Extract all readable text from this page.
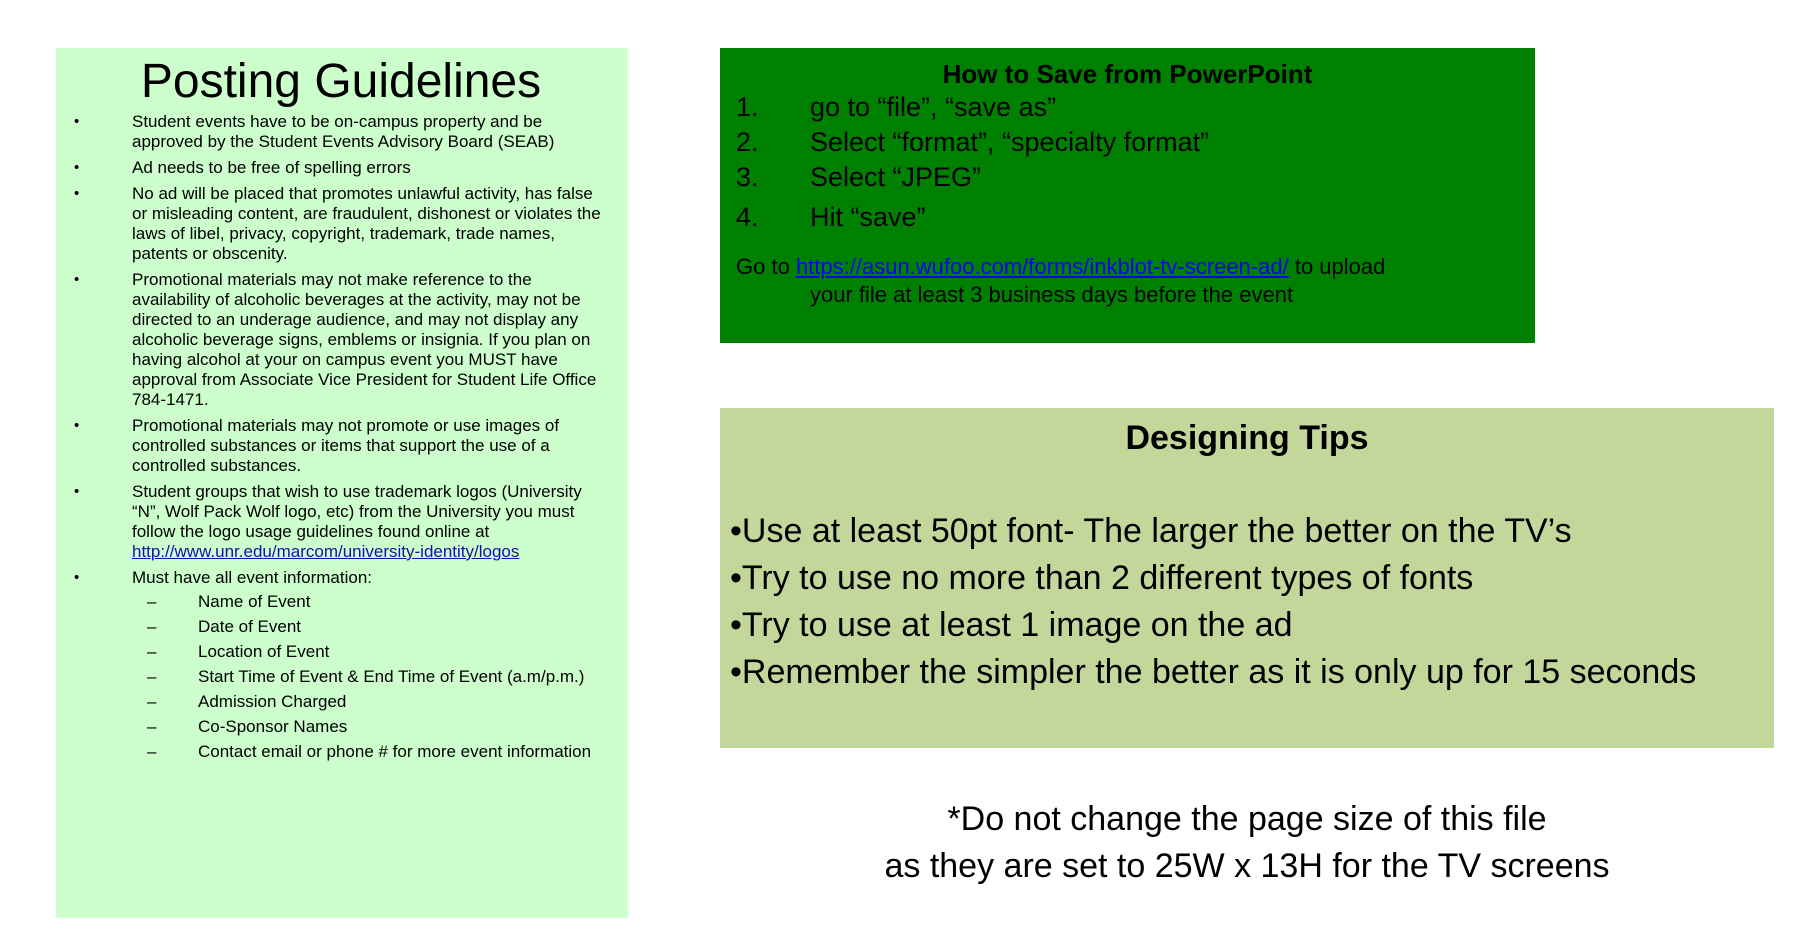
Posting Guidelines
•	Student events have to be on-campus property and be approved by the Student Events Advisory Board (SEAB)
•	Ad needs to be free of spelling errors
•	No ad will be placed that promotes unlawful activity, has false or misleading content, are fraudulent, dishonest or violates the laws of libel, privacy, copyright, trademark, trade names, patents or obscenity.
•	Promotional materials may not make reference to the availability of alcoholic beverages at the activity, may not be directed to an underage audience, and may not display any alcoholic beverage signs, emblems or insignia. If you plan on having alcohol at your on campus event you MUST have approval from Associate Vice President for Student Life Office 784-1471.
•	Promotional materials may not promote or use images of controlled substances or items that support the use of a controlled substances.
•	Student groups that wish to use trademark logos (University “N”, Wolf Pack Wolf logo, etc) from the University you must follow the logo usage guidelines found online at
http://www.unr.edu/marcom/university-identity/logos
•	Must have all event information:
– Name of Event
– Date of Event
– Location of Event
– Start Time of Event & End Time of Event (a.m/p.m.)
– Admission Charged
– Co-Sponsor Names
– Contact email or phone # for more event information
How to Save from PowerPoint
1. go to “file”, “save as”
2. Select “format”, “specialty format”
3. Select “JPEG”
4. Hit “save”
Go to https://asun.wufoo.com/forms/inkblot-tv-screen-ad/ to upload
your file at least 3 business days before the event
Designing Tips
•Use at least 50pt font- The larger the better on the TV’s
•Try to use no more than 2 different types of fonts
•Try to use at least 1 image on the ad
•Remember the simpler the better as it is only up for 15 seconds
*Do not change the page size of this file
as they are set to 25W x 13H for the TV screens
